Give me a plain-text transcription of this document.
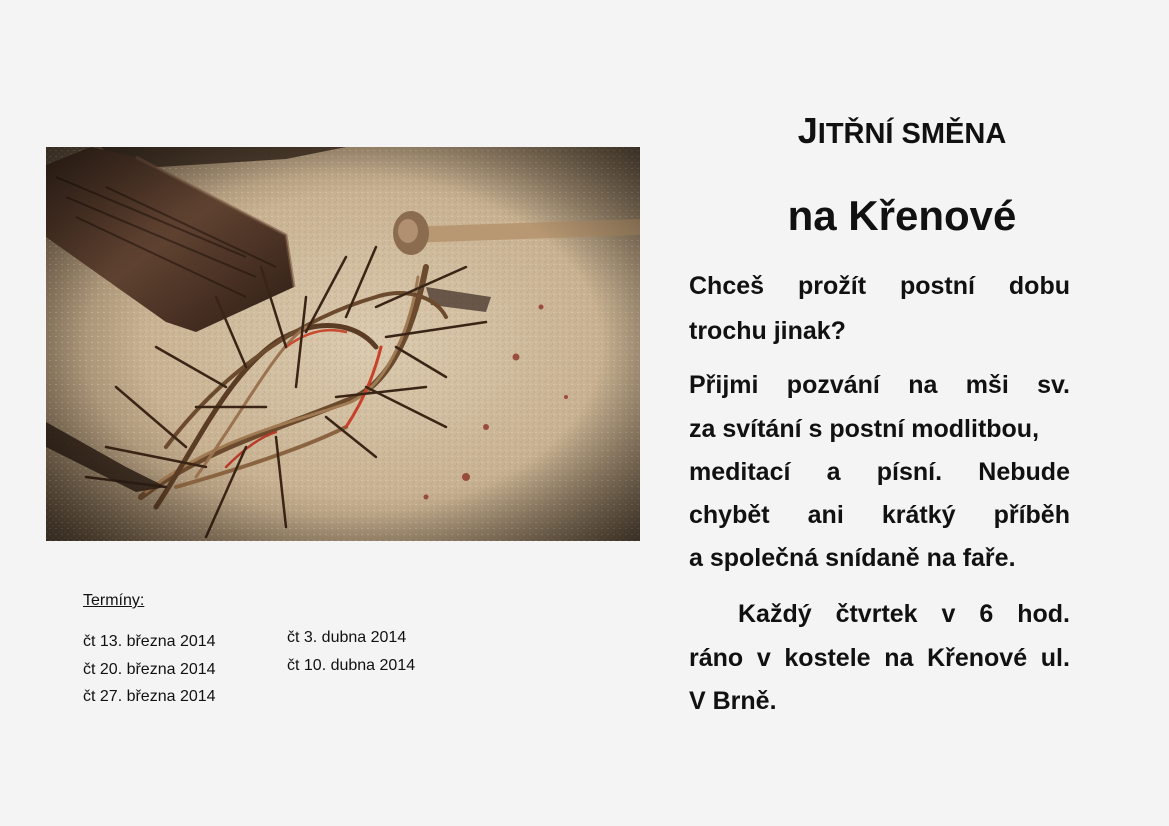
Termíny:
čt 13. března 2014
čt 20. března 2014
čt 27. března 2014
čt 3. dubna 2014
čt 10. dubna 2014
JITŘNÍ SMĚNA
na Křenové
Chceš prožít postní dobu
trochu jinak?
Přijmi pozvání na mši sv.
za svítání s postní modlitbou,
meditací a písní. Nebude
chybět ani krátký příběh
a společná snídaně na faře.
Každý čtvrtek v 6 hod.
ráno v kostele na Křenové ul.
V Brně.
